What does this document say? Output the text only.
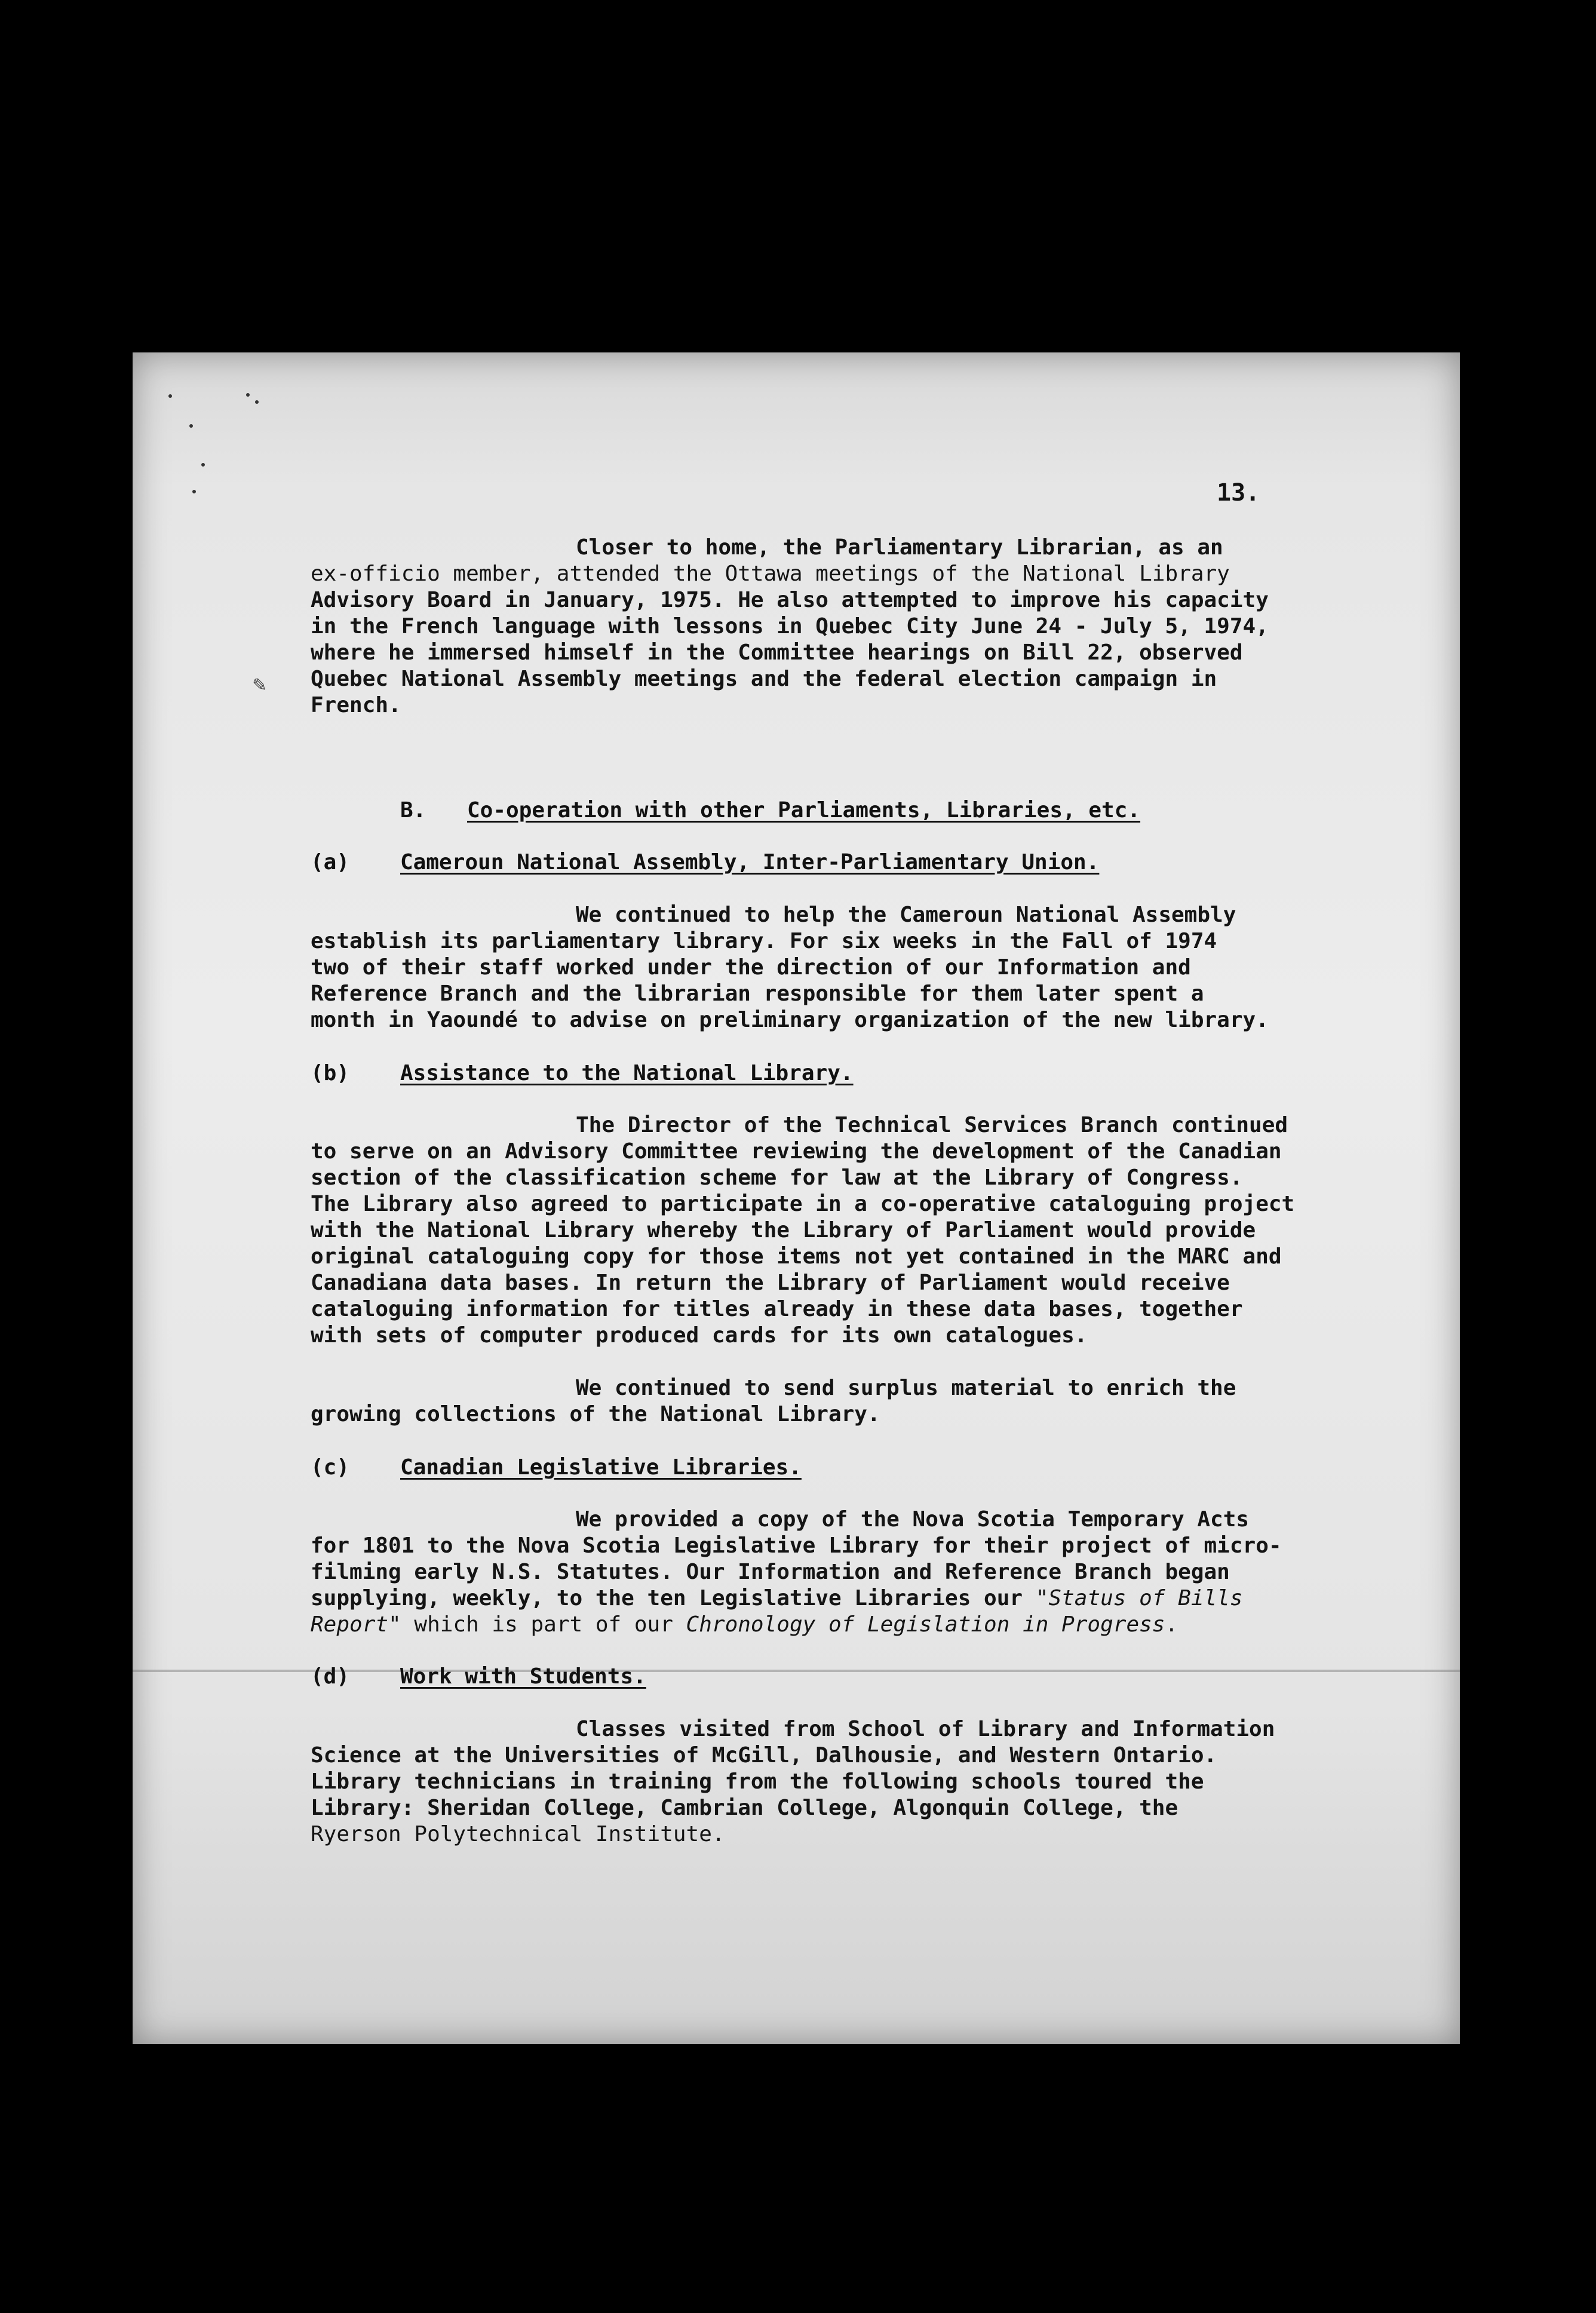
✎
13.

Closer to home, the Parliamentary Librarian, as an
ex-officio member, attended the Ottawa meetings of the National Library
Advisory Board in January, 1975. He also attempted to improve his capacity
in the French language with lessons in Quebec City June 24 - July 5, 1974,
where he immersed himself in the Committee hearings on Bill 22, observed
Quebec National Assembly meetings and the federal election campaign in
French.

B. Co-operation with other Parliaments, Libraries, etc.
(a) Cameroun National Assembly, Inter-Parliamentary Union.

We continued to help the Cameroun National Assembly
establish its parliamentary library. For six weeks in the Fall of 1974
two of their staff worked under the direction of our Information and
Reference Branch and the librarian responsible for them later spent a
month in Yaoundé to advise on preliminary organization of the new library.

(b) Assistance to the National Library.

The Director of the Technical Services Branch continued
to serve on an Advisory Committee reviewing the development of the Canadian
section of the classification scheme for law at the Library of Congress.
The Library also agreed to participate in a co-operative cataloguing project
with the National Library whereby the Library of Parliament would provide
original cataloguing copy for those items not yet contained in the MARC and
Canadiana data bases. In return the Library of Parliament would receive
cataloguing information for titles already in these data bases, together
with sets of computer produced cards for its own catalogues.

We continued to send surplus material to enrich the
growing collections of the National Library.

(c) Canadian Legislative Libraries.

We provided a copy of the Nova Scotia Temporary Acts
for 1801 to the Nova Scotia Legislative Library for their project of micro-
filming early N.S. Statutes. Our Information and Reference Branch began
supplying, weekly, to the ten Legislative Libraries our "Status of Bills
Report" which is part of our Chronology of Legislation in Progress.

(d) Work with Students.

Classes visited from School of Library and Information
Science at the Universities of McGill, Dalhousie, and Western Ontario.
Library technicians in training from the following schools toured the
Library: Sheridan College, Cambrian College, Algonquin College, the
Ryerson Polytechnical Institute.
